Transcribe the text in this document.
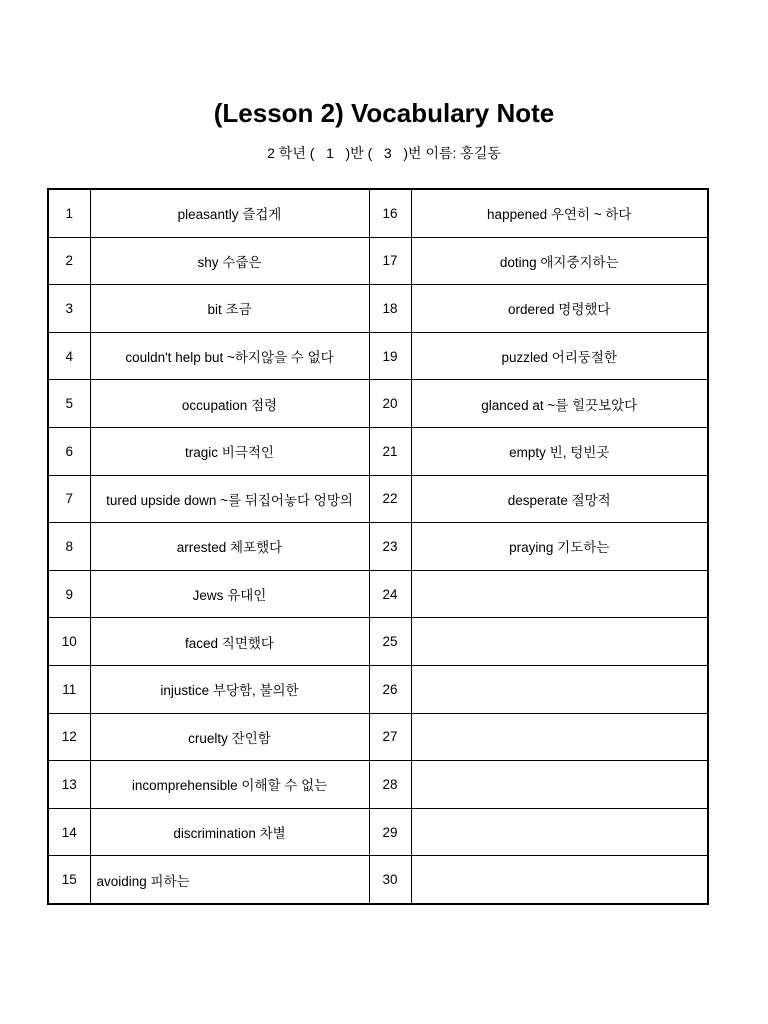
(Lesson 2) Vocabulary Note
2 학년 (   1   )반 (   3   )번 이름: 홍길동
1	pleasantly 즐겁게	16	happened 우연히 ~ 하다
2	shy 수줍은	17	doting 애지중지하는
3	bit 조금	18	ordered 명령했다
4	couldn't help but ~하지않을 수 없다	19	puzzled 어리둥절한
5	occupation 점령	20	glanced at ~를 힐끗보았다
6	tragic 비극적인	21	empty 빈, 텅빈곳
7	tured upside down ~를 뒤집어놓다 엉망의	22	desperate 절망적
8	arrested 체포했다	23	praying 기도하는
9	Jews 유대인	24	
10	faced 직면했다	25	
11	injustice 부당함, 불의한	26	
12	cruelty 잔인함	27	
13	incomprehensible 이해할 수 없는	28	
14	discrimination 차별	29	
15	avoiding 피하는	30	
